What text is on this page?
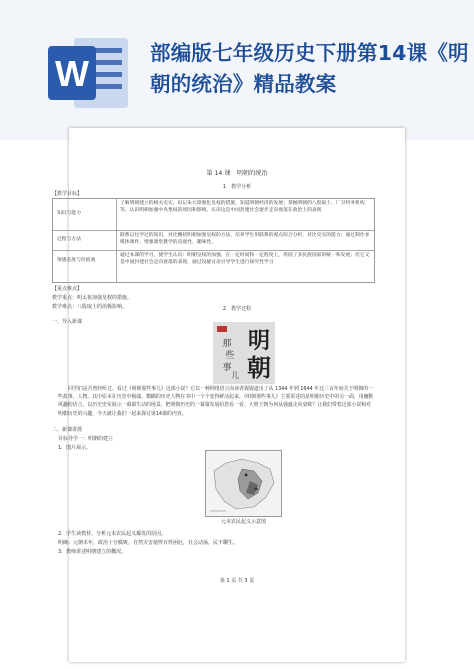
W	部编版七年级历史下册第14课《明朝的统治》精品教案
第 14 课　明朝的统治
1　教学分析
【教学目标】
知识与能力
了解明朝建立的相关史实，识记朱元璋强化皇权的措施，知道明朝经济的发展；掌握明朝的八股取士、厂卫特务机构等。认识明朝加强中央集权的原因和影响。认识这是中国封建社会逐步走向衰落在政治上的表现
过程与方法
联系以往学过的知识，对比概括明朝加强皇权的方法，培养学生用联系的观点综合分析，对比史实的能力；通过制作多媒体课件，增强课堂教学的直观性、趣味性。
情感态度与价值观
通过本课的学习，使学生认识：明朝皇权的加强，在一定时间和一定程度上，巩固了多民族国家的统一和发展；但它又是中国封建社会走向衰落的表现，通过设疑讨论引导学生进行探究性学习
【重点难点】
教学重点：明太祖加强皇权的措施。
教学难点：八股取士的消极影响。	2　教学过程
一、导入新课
明
朝
那
些
事
儿
同学们是否曾经听过、看过《明朝那些事儿》这部小说？它以一种网络语言向读者娓娓道出了从 1344 年到 1644 年这三百年间关于明朝的一些故事、人物。其中原本在历史中极端、模糊的历史人物在书中一个个变得鲜活起来。《明朝那些事儿》主要讲述的是明朝历史中的另一面，用幽默风趣的语言，以历史史实展示一幕幕生动的场景，把明朝历史的一幕幕发展给您看一看。大明王朝为何从强盛走向衰败？让我们带着这部小说和对明朝历史的兴趣，今天就让我们一起来探讨第14课的内容。
二、新课讲授
目标导学一：明朝的建立
1．图片展示。
元末农民起义示意图
2．学生读教材，分析元末农民起义爆发的原因。
明确：元朝末年，政治十分腐败，自然灾害使得百姓困厄，社会动荡，民不聊生。
3．教师讲述明朝建立的概况。
第 1 页 共 3 页
